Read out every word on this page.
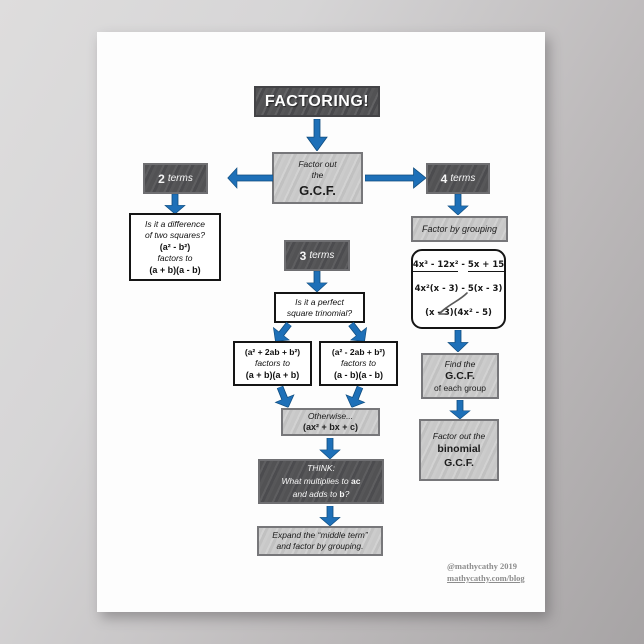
FACTORING!
Factor out
the
G.C.F.
2 terms
Is it a difference
of two squares?
(a² - b²)
factors to
(a + b)(a - b)
4 terms
Factor by grouping
4x³ - 12x² - 5x + 15
4x²(x - 3) - 5(x - 3)
(x - 3)(4x² - 5)
Find the
G.C.F.
of each group
Factor out the
binomial
G.C.F.
3 terms
Is it a perfect
square trinomial?
(a² + 2ab + b²)
factors to
(a + b)(a + b)
(a² - 2ab + b²)
factors to
(a - b)(a - b)
Otherwise...
(ax² + bx + c)
THINK:
What multiplies to ac
and adds to b?
Expand the “middle term”
and factor by grouping.
@mathycathy 2019
mathycathy.com/blog
